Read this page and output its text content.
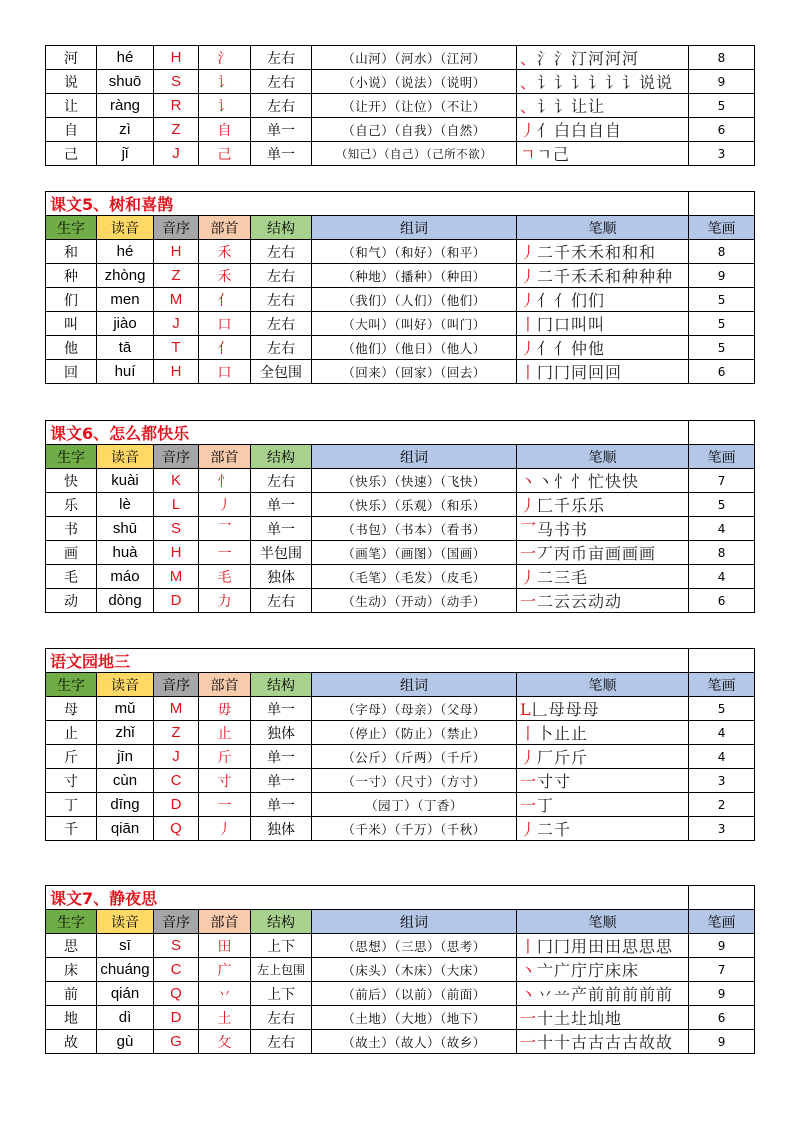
河	hé	H	氵	左右	（山河）（河水）（江河）	、氵氵汀河河河	8
说	shuō	S	讠	左右	（小说）（说法）（说明）	、讠讠讠讠讠讠说说	9
让	ràng	R	讠	左右	（让开）（让位）（不让）	、讠讠让让	5
自	zì	Z	自	单一	（自己）（自我）（自然）	丿亻白白自自	6
己	jǐ	J	己	单一	（知己）（自己）（己所不欲）	ㄱㄱ己	3
课文5、树和喜鹊							
生字	读音	音序	部首	结构	组词	笔顺	笔画
和	hé	H	禾	左右	（和气）（和好）（和平）	丿二千禾禾和和和	8
种	zhòng	Z	禾	左右	（种地）（播种）（种田）	丿二千禾禾和种种种	9
们	men	M	亻	左右	（我们）（人们）（他们）	丿亻亻们们	5
叫	jiào	J	口	左右	（大叫）（叫好）（叫门）	丨冂口叫叫	5
他	tā	T	亻	左右	（他们）（他日）（他人）	丿亻亻仲他	5
回	huí	H	口	全包围	（回来）（回家）（回去）	丨冂冂同回回	6
课文6、怎么都快乐							
生字	读音	音序	部首	结构	组词	笔顺	笔画
快	kuài	K	忄	左右	（快乐）（快速）（飞快）	丶丶忄忄忙快快	7
乐	lè	L	丿	单一	（快乐）（乐观）（和乐）	丿匚千乐乐	5
书	shū	S	乛	单一	（书包）（书本）（看书）	乛马书书	4
画	huà	H	一	半包围	（画笔）（画图）（国画）	一丆丙币亩画画画	8
毛	máo	M	毛	独体	（毛笔）（毛发）（皮毛）	丿二三毛	4
动	dòng	D	力	左右	（生动）（开动）（动手）	一二云云动动	6
语文园地三							
生字	读音	音序	部首	结构	组词	笔顺	笔画
母	mǔ	M	毋	单一	（字母）（母亲）（父母）	L𠃊母母母	5
止	zhǐ	Z	止	独体	（停止）（防止）（禁止）	丨卜止止	4
斤	jīn	J	斤	单一	（公斤）（斤两）（千斤）	丿厂斤斤	4
寸	cùn	C	寸	单一	（一寸）（尺寸）（方寸）	一寸寸	3
丁	dīng	D	一	单一	（园丁）（丁香）	一丁	2
千	qiān	Q	丿	独体	（千米）（千万）（千秋）	丿二千	3
课文7、静夜思							
生字	读音	音序	部首	结构	组词	笔顺	笔画
思	sī	S	田	上下	（思想）（三思）（思考）	丨冂冂用田田思思思	9
床	chuáng	C	广	左上包围	（床头）（木床）（大床）	丶亠广庁庁床床	7
前	qián	Q	丷	上下	（前后）（以前）（前面）	丶丷䒑产前前前前前	9
地	dì	D	土	左右	（土地）（大地）（地下）	一十土圵圸地	6
故	gù	G	攵	左右	（故土）（故人）（故乡）	一十十古古古古故故	9
